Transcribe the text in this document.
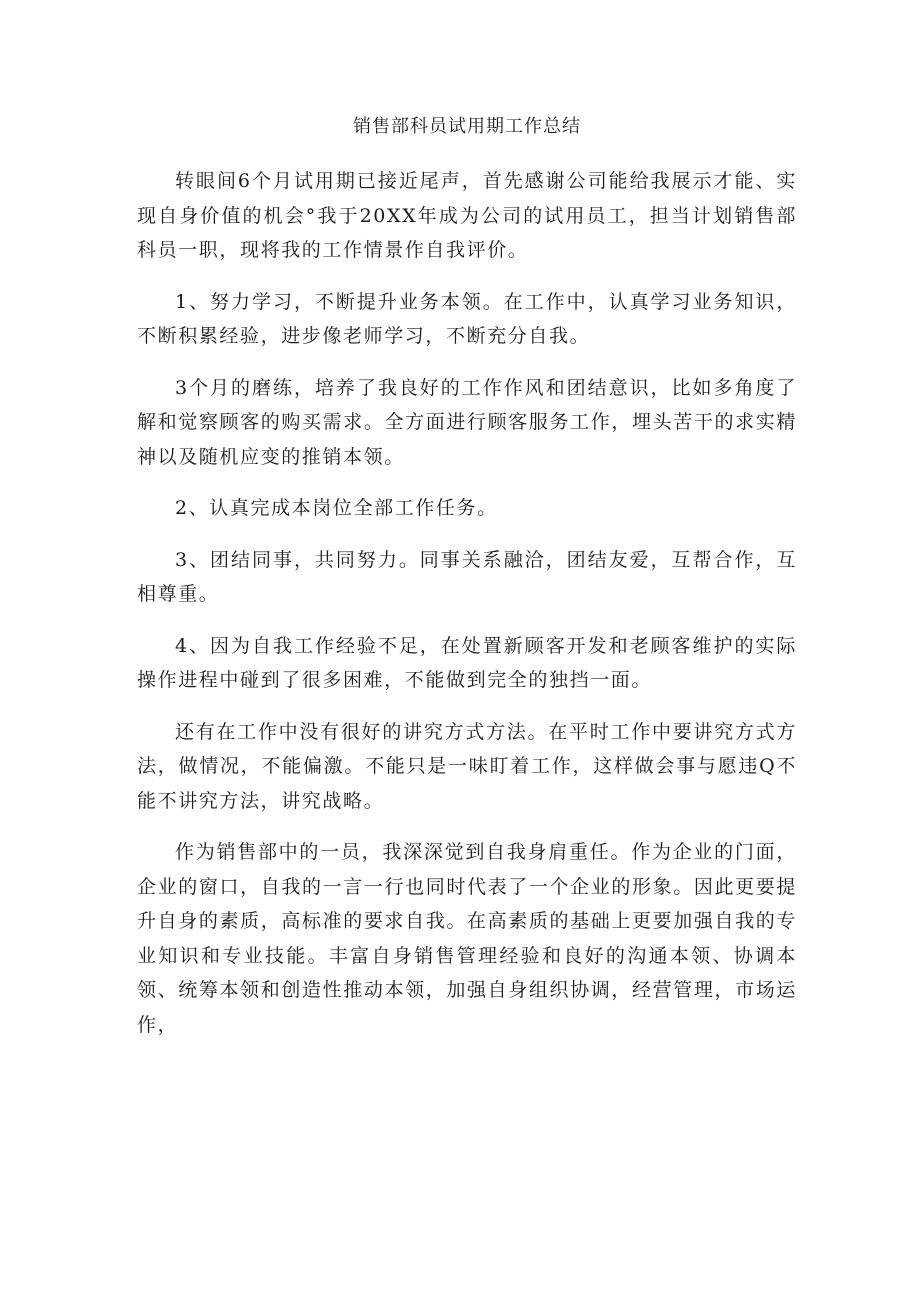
销售部科员试用期工作总结

转眼间6个月试用期已接近尾声，首先感谢公司能给我展示才能、实现自身价值的机会°我于20XX年成为公司的试用员工，担当计划销售部科员一职，现将我的工作情景作自我评价。

1、努力学习，不断提升业务本领。在工作中，认真学习业务知识，不断积累经验，进步像老师学习，不断充分自我。

3个月的磨练，培养了我良好的工作作风和团结意识，比如多角度了解和觉察顾客的购买需求。全方面进行顾客服务工作，埋头苦干的求实精神以及随机应变的推销本领。

2、认真完成本岗位全部工作任务。

3、团结同事，共同努力。同事关系融洽，团结友爱，互帮合作，互相尊重。

4、因为自我工作经验不足，在处置新顾客开发和老顾客维护的实际操作进程中碰到了很多困难，不能做到完全的独挡一面。

还有在工作中没有很好的讲究方式方法。在平时工作中要讲究方式方法，做情况，不能偏激。不能只是一味盯着工作，这样做会事与愿违Q不能不讲究方法，讲究战略。

作为销售部中的一员，我深深觉到自我身肩重任。作为企业的门面，企业的窗口，自我的一言一行也同时代表了一个企业的形象。因此更要提升自身的素质，高标准的要求自我。在高素质的基础上更要加强自我的专业知识和专业技能。丰富自身销售管理经验和良好的沟通本领、协调本领、统筹本领和创造性推动本领，加强自身组织协调，经营管理，市场运作，
